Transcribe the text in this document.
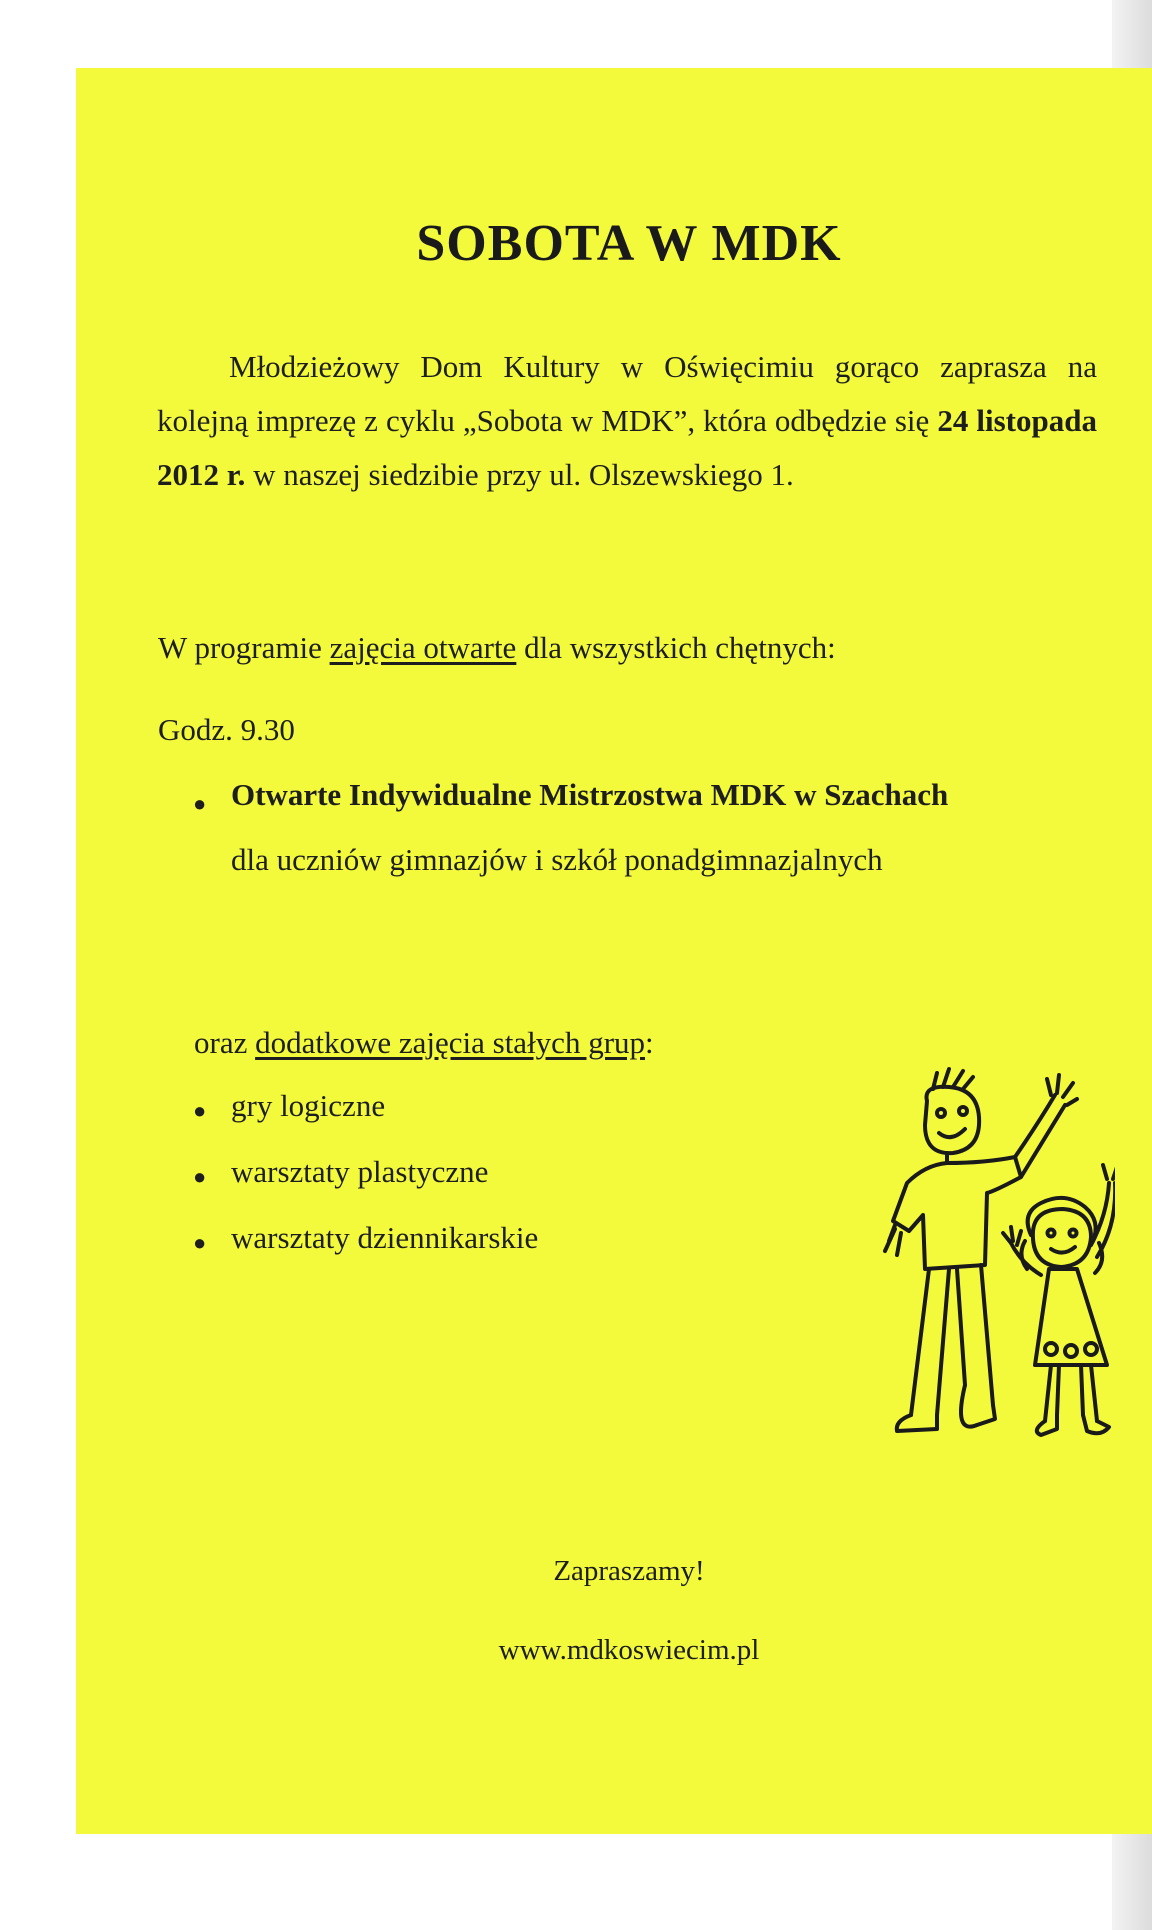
SOBOTA W MDK

Młodzieżowy Dom Kultury w Oświęcimiu gorąco zaprasza na kolejną imprezę z cyklu „Sobota w MDK”, która odbędzie się 24 listopada 2012 r. w naszej siedzibie przy ul. Olszewskiego 1.

W programie zajęcia otwarte dla wszystkich chętnych:

Godz. 9.30

● Otwarte Indywidualne Mistrzostwa MDK w Szachach
dla uczniów gimnazjów i szkół ponadgimnazjalnych

oraz dodatkowe zajęcia stałych grup:

● gry logiczne
● warsztaty plastyczne
● warsztaty dziennikarskie

Zapraszamy!

www.mdkoswiecim.pl
